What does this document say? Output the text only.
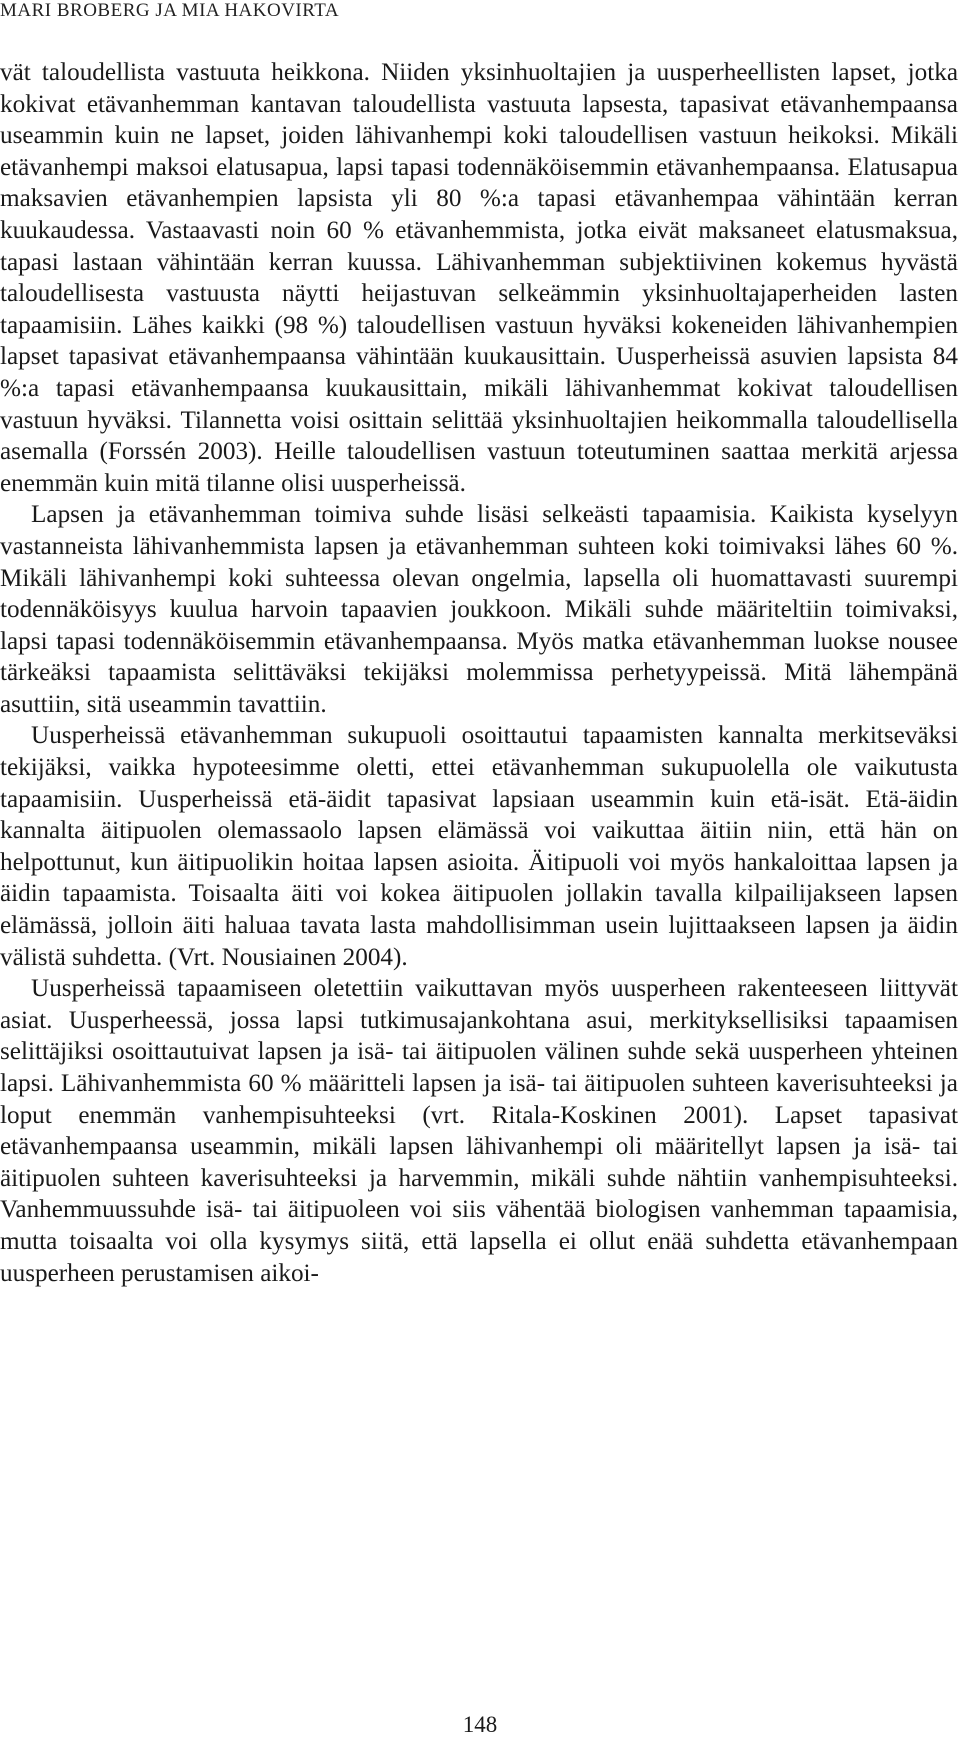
MARI BROBERG JA MIA HAKOVIRTA

vät taloudellista vastuuta heikkona. Niiden yksinhuoltajien ja uusperheellisten lapset, jotka kokivat etävanhemman kantavan taloudellista vastuuta lapsesta, tapasivat etävanhempaansa useammin kuin ne lapset, joiden lähivanhempi koki taloudellisen vastuun heikoksi. Mikäli etävanhempi maksoi elatusapua, lapsi tapasi todennäköisemmin etävanhempaansa. Elatusapua maksavien etävanhempien lapsista yli 80 %:a tapasi etävanhempaa vähintään kerran kuukaudessa. Vastaavasti noin 60 % etävanhemmista, jotka eivät maksaneet elatusmaksua, tapasi lastaan vähintään kerran kuussa. Lähivanhemman subjektiivinen kokemus hyvästä taloudellisesta vastuusta näytti heijastuvan selkeämmin yksinhuoltajaperheiden lasten tapaamisiin. Lähes kaikki (98 %) taloudellisen vastuun hyväksi kokeneiden lähivanhempien lapset tapasivat etävanhempaansa vähintään kuukausittain. Uusperheissä asuvien lapsista 84 %:a tapasi etävanhempaansa kuukausittain, mikäli lähivanhemmat kokivat taloudellisen vastuun hyväksi. Tilannetta voisi osittain selittää yksinhuoltajien heikommalla taloudellisella asemalla (Forssén 2003). Heille taloudellisen vastuun toteutuminen saattaa merkitä arjessa enemmän kuin mitä tilanne olisi uusperheissä.

Lapsen ja etävanhemman toimiva suhde lisäsi selkeästi tapaamisia. Kaikista kyselyyn vastanneista lähivanhemmista lapsen ja etävanhemman suhteen koki toimivaksi lähes 60 %. Mikäli lähivanhempi koki suhteessa olevan ongelmia, lapsella oli huomattavasti suurempi todennäköisyys kuulua harvoin tapaavien joukkoon. Mikäli suhde määriteltiin toimivaksi, lapsi tapasi todennäköisemmin etävanhempaansa. Myös matka etävanhemman luokse nousee tärkeäksi tapaamista selittäväksi tekijäksi molemmissa perhetyypeissä. Mitä lähempänä asuttiin, sitä useammin tavattiin.

Uusperheissä etävanhemman sukupuoli osoittautui tapaamisten kannalta merkitseväksi tekijäksi, vaikka hypoteesimme oletti, ettei etävanhemman sukupuolella ole vaikutusta tapaamisiin. Uusperheissä etä-äidit tapasivat lapsiaan useammin kuin etä-isät. Etä-äidin kannalta äitipuolen olemassaolo lapsen elämässä voi vaikuttaa äitiin niin, että hän on helpottunut, kun äitipuolikin hoitaa lapsen asioita. Äitipuoli voi myös hankaloittaa lapsen ja äidin tapaamista. Toisaalta äiti voi kokea äitipuolen jollakin tavalla kilpailijakseen lapsen elämässä, jolloin äiti haluaa tavata lasta mahdollisimman usein lujittaakseen lapsen ja äidin välistä suhdetta. (Vrt. Nousiainen 2004).

Uusperheissä tapaamiseen oletettiin vaikuttavan myös uusperheen rakenteeseen liittyvät asiat. Uusperheessä, jossa lapsi tutkimusajankohtana asui, merkityksellisiksi tapaamisen selittäjiksi osoittautuivat lapsen ja isä- tai äitipuolen välinen suhde sekä uusperheen yhteinen lapsi. Lähivanhemmista 60 % määritteli lapsen ja isä- tai äitipuolen suhteen kaverisuhteeksi ja loput enemmän vanhempisuhteeksi (vrt. Ritala-Koskinen 2001). Lapset tapasivat etävanhempaansa useammin, mikäli lapsen lähivanhempi oli määritellyt lapsen ja isä- tai äitipuolen suhteen kaverisuhteeksi ja harvemmin, mikäli suhde nähtiin vanhempisuhteeksi. Vanhemmuussuhde isä- tai äitipuoleen voi siis vähentää biologisen vanhemman tapaamisia, mutta toisaalta voi olla kysymys siitä, että lapsella ei ollut enää suhdetta etävanhempaan uusperheen perustamisen aikoi-

148
